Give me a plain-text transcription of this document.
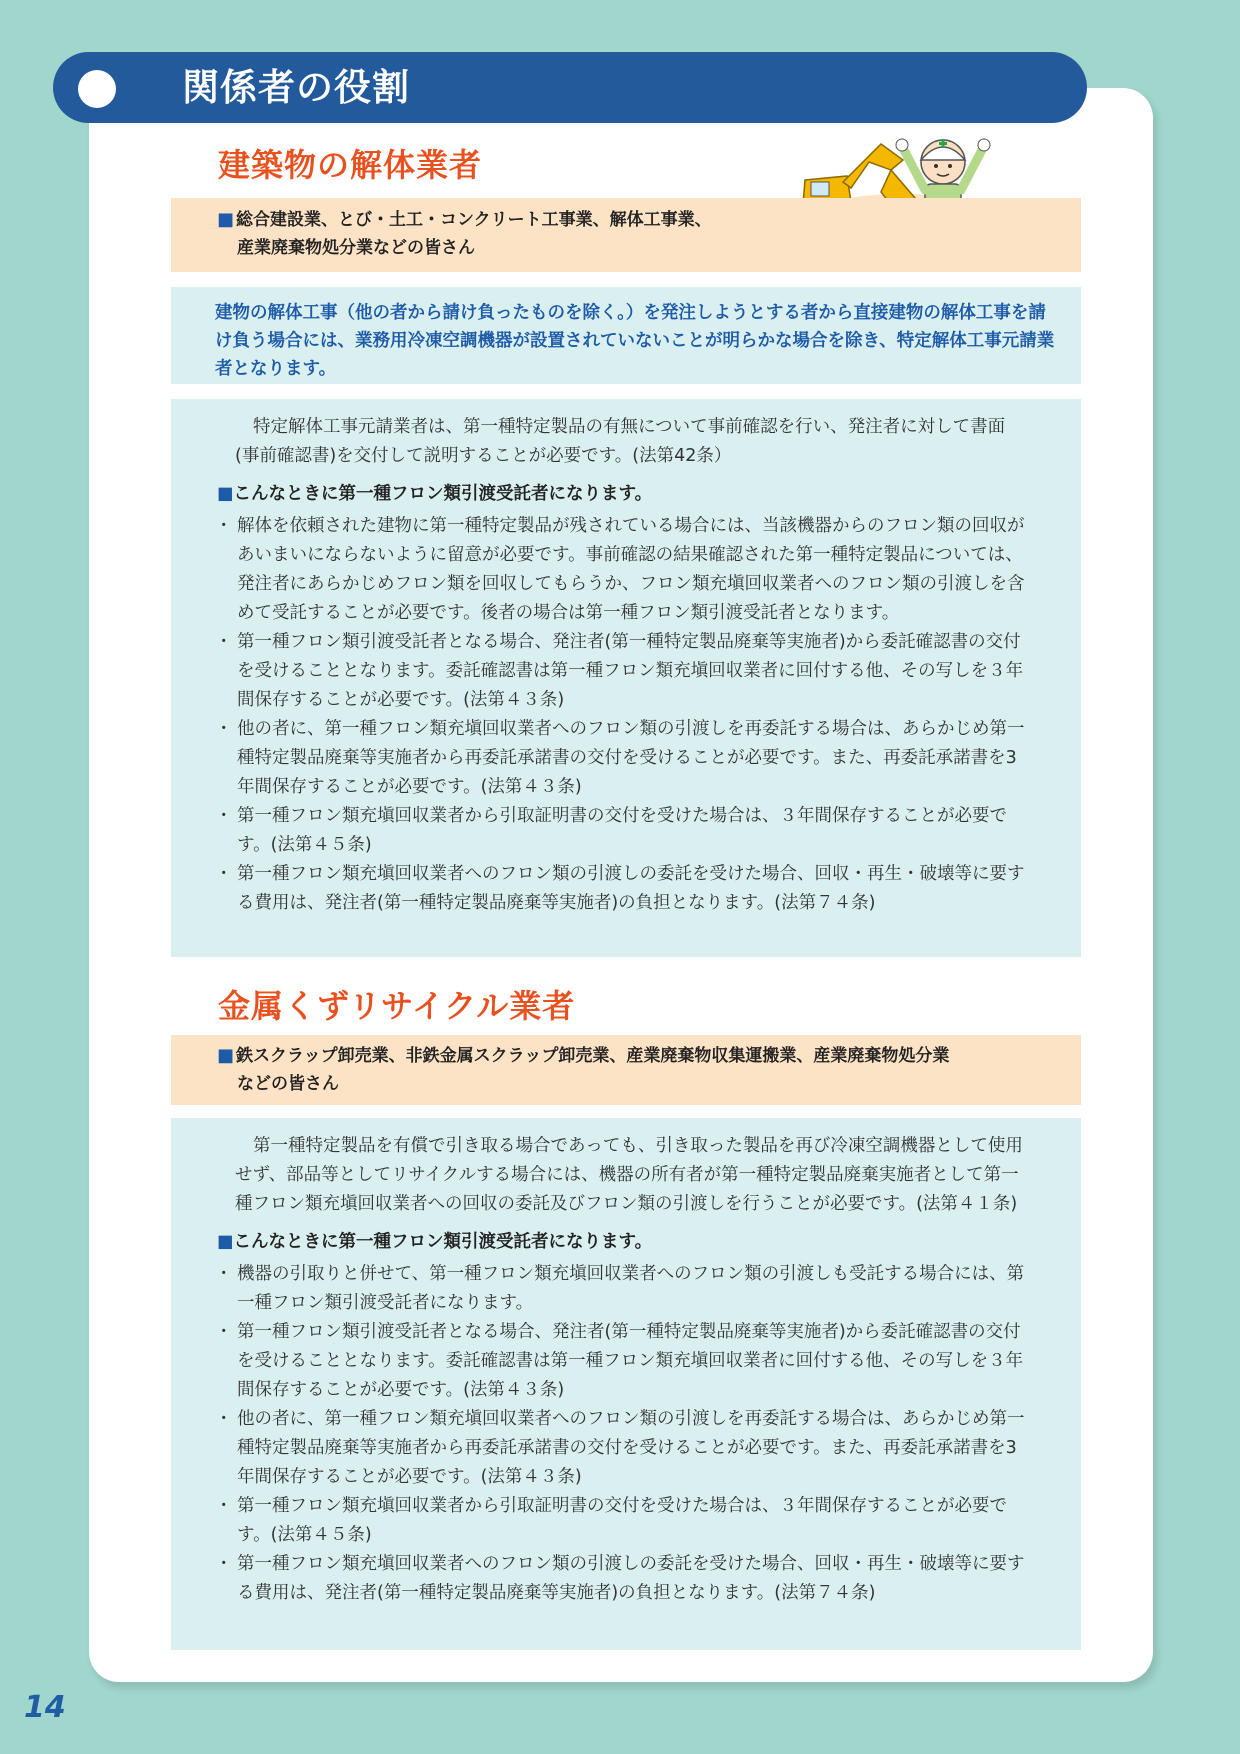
関係者の役割
建築物の解体業者
■ 総合建設業、とび・土工・コンクリート工事業、解体工事業、
産業廃棄物処分業などの皆さん
建物の解体工事（他の者から請け負ったものを除く。）を発注しようとする者から直接建物の解体工事を請け負う場合には、業務用冷凍空調機器が設置されていないことが明らかな場合を除き、特定解体工事元請業者となります。

特定解体工事元請業者は、第一種特定製品の有無について事前確認を行い、発注者に対して書面(事前確認書)を交付して説明することが必要です。(法第42条）

■こんなときに第一種フロン類引渡受託者になります。
・ 解体を依頼された建物に第一種特定製品が残されている場合には、当該機器からのフロン類の回収があいまいにならないように留意が必要です。事前確認の結果確認された第一種特定製品については、発注者にあらかじめフロン類を回収してもらうか、フロン類充塡回収業者へのフロン類の引渡しを含めて受託することが必要です。後者の場合は第一種フロン類引渡受託者となります。
・ 第一種フロン類引渡受託者となる場合、発注者(第一種特定製品廃棄等実施者)から委託確認書の交付を受けることとなります。委託確認書は第一種フロン類充塡回収業者に回付する他、その写しを３年間保存することが必要です。(法第４３条)
・ 他の者に、第一種フロン類充塡回収業者へのフロン類の引渡しを再委託する場合は、あらかじめ第一種特定製品廃棄等実施者から再委託承諾書の交付を受けることが必要です。また、再委託承諾書を3年間保存することが必要です。(法第４３条)
・ 第一種フロン類充塡回収業者から引取証明書の交付を受けた場合は、３年間保存することが必要です。(法第４５条)
・ 第一種フロン類充塡回収業者へのフロン類の引渡しの委託を受けた場合、回収・再生・破壊等に要する費用は、発注者(第一種特定製品廃棄等実施者)の負担となります。(法第７４条)
金属くずリサイクル業者
■ 鉄スクラップ卸売業、非鉄金属スクラップ卸売業、産業廃棄物収集運搬業、産業廃棄物処分業
などの皆さん

第一種特定製品を有償で引き取る場合であっても、引き取った製品を再び冷凍空調機器として使用せず、部品等としてリサイクルする場合には、機器の所有者が第一種特定製品廃棄実施者として第一種フロン類充塡回収業者への回収の委託及びフロン類の引渡しを行うことが必要です。(法第４１条)

■こんなときに第一種フロン類引渡受託者になります。
・ 機器の引取りと併せて、第一種フロン類充塡回収業者へのフロン類の引渡しも受託する場合には、第一種フロン類引渡受託者になります。
・ 第一種フロン類引渡受託者となる場合、発注者(第一種特定製品廃棄等実施者)から委託確認書の交付を受けることとなります。委託確認書は第一種フロン類充塡回収業者に回付する他、その写しを３年間保存することが必要です。(法第４３条)
・ 他の者に、第一種フロン類充塡回収業者へのフロン類の引渡しを再委託する場合は、あらかじめ第一種特定製品廃棄等実施者から再委託承諾書の交付を受けることが必要です。また、再委託承諾書を3年間保存することが必要です。(法第４３条)
・ 第一種フロン類充塡回収業者から引取証明書の交付を受けた場合は、３年間保存することが必要です。(法第４５条)
・ 第一種フロン類充塡回収業者へのフロン類の引渡しの委託を受けた場合、回収・再生・破壊等に要する費用は、発注者(第一種特定製品廃棄等実施者)の負担となります。(法第７４条)
14
